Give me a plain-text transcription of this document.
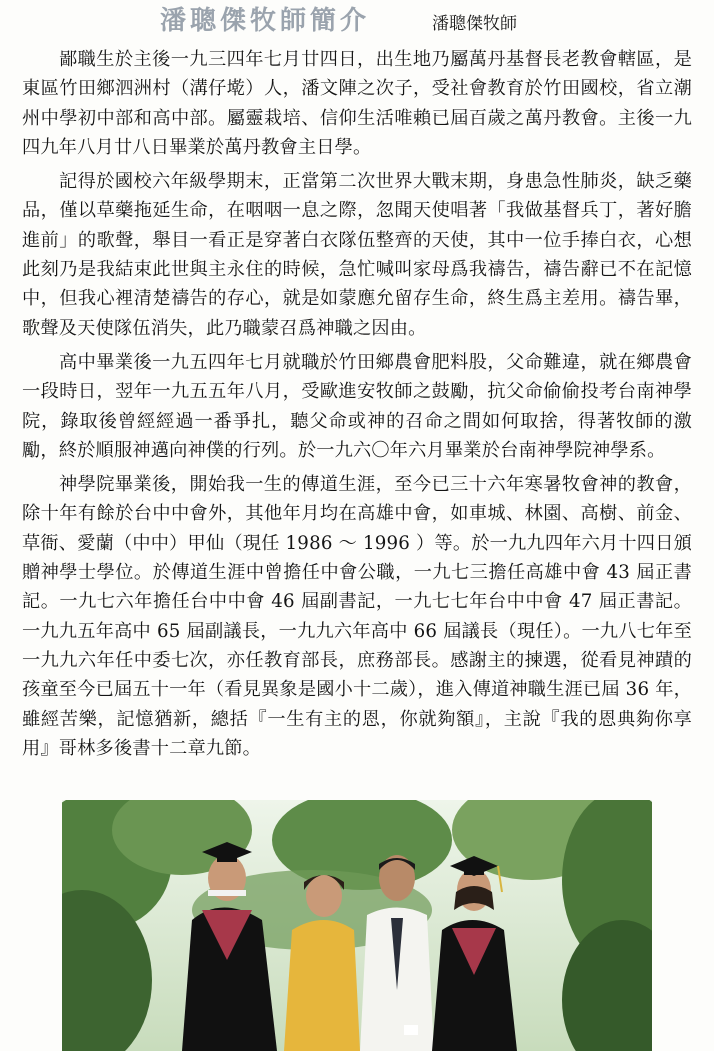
潘聰傑牧師簡介	潘聰傑牧師

鄙職生於主後一九三四年七月廿四日，出生地乃屬萬丹基督長老教會轄區，是東區竹田鄉泗洲村（溝仔墘）人，潘文陣之次子，受社會教育於竹田國校，省立潮州中學初中部和高中部。屬靈栽培、信仰生活唯賴已屆百歲之萬丹教會。主後一九四九年八月廿八日畢業於萬丹教會主日學。

記得於國校六年級學期末，正當第二次世界大戰末期，身患急性肺炎，缺乏藥品，僅以草藥拖延生命，在咽咽一息之際，忽聞天使唱著「我做基督兵丁，著好膽進前」的歌聲，舉目一看正是穿著白衣隊伍整齊的天使，其中一位手捧白衣，心想此刻乃是我結束此世與主永住的時候，急忙喊叫家母爲我禱告，禱告辭已不在記憶中，但我心裡清楚禱告的存心，就是如蒙應允留存生命，終生爲主差用。禱告畢，歌聲及天使隊伍消失，此乃職蒙召爲神職之因由。

高中畢業後一九五四年七月就職於竹田鄉農會肥料股，父命難違，就在鄉農會一段時日，翌年一九五五年八月，受歐進安牧師之鼓勵，抗父命偷偷投考台南神學院，錄取後曾經經過一番爭扎，聽父命或神的召命之間如何取捨，得著牧師的激勵，終於順服神邁向神僕的行列。於一九六〇年六月畢業於台南神學院神學系。

神學院畢業後，開始我一生的傳道生涯，至今已三十六年寒暑牧會神的教會，除十年有餘於台中中會外，其他年月均在高雄中會，如車城、林園、高樹、前金、草衙、愛蘭（中中）甲仙（現任 1986 ～ 1996 ）等。於一九九四年六月十四日頒贈神學士學位。於傳道生涯中曾擔任中會公職，一九七三擔任高雄中會 43 屆正書記。一九七六年擔任台中中會 46 屆副書記，一九七七年台中中會 47 屆正書記。一九九五年高中 65 屆副議長，一九九六年高中 66 屆議長（現任）。一九八七年至一九九六年任中委七次，亦任教育部長，庶務部長。感謝主的揀選，從看見神蹟的孩童至今已屆五十一年（看見異象是國小十二歲），進入傳道神職生涯已屆 36 年，雖經苦樂，記憶猶新，總括『一生有主的恩，你就夠額』，主說『我的恩典夠你享用』哥林多後書十二章九節。
